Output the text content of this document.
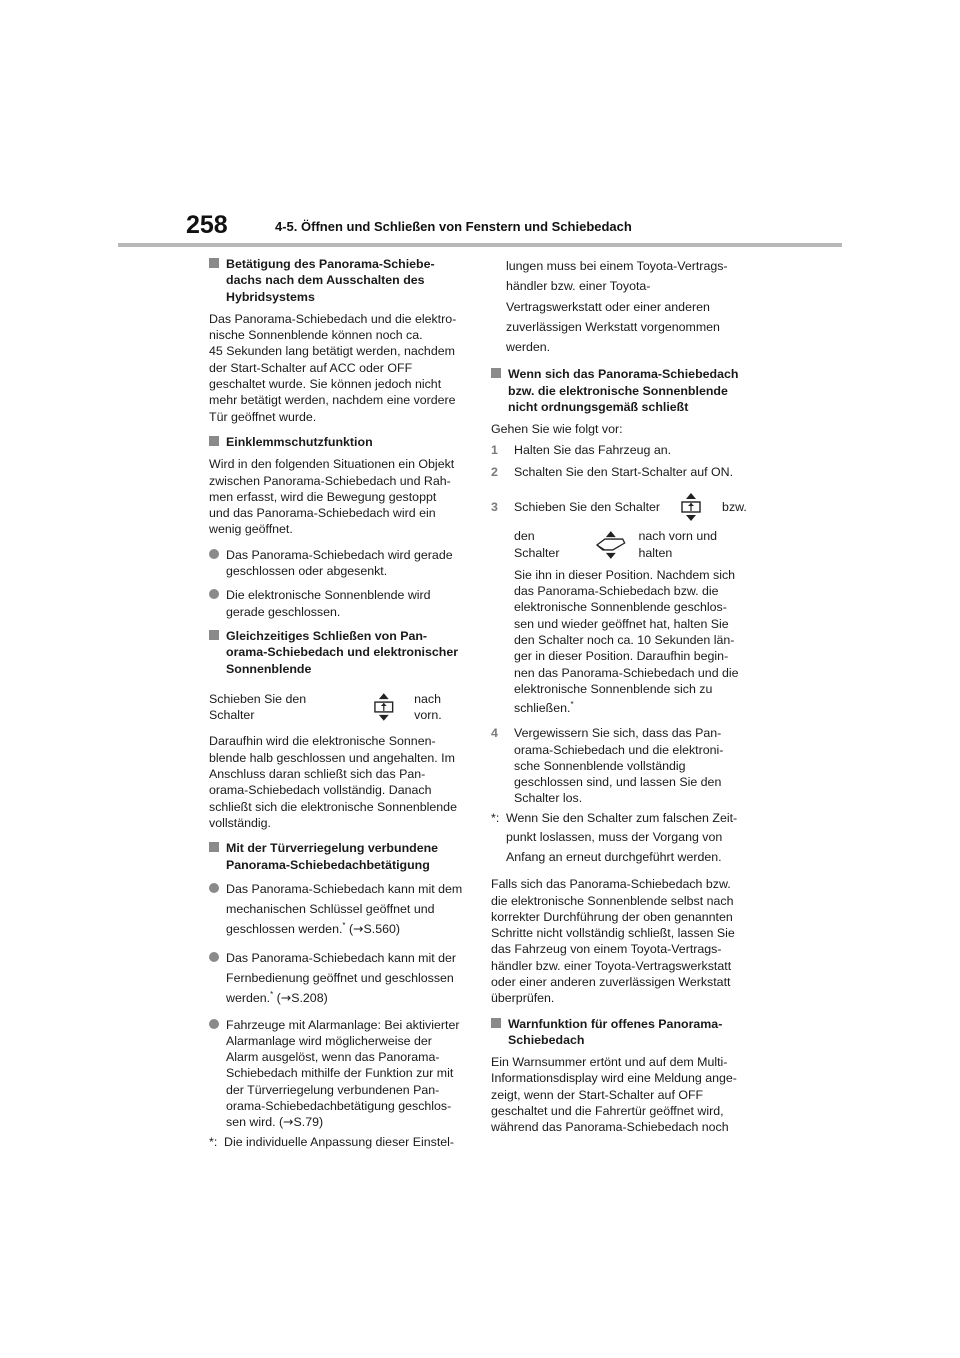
258	4-5. Öffnen und Schließen von Fenstern und Schiebedach
Betätigung des Panorama-Schiebe-
dachs nach dem Ausschalten des
Hybridsystems
Das Panorama-Schiebedach und die elektro-
nische Sonnenblende können noch ca.
45 Sekunden lang betätigt werden, nachdem
der Start-Schalter auf ACC oder OFF
geschaltet wurde. Sie können jedoch nicht
mehr betätigt werden, nachdem eine vordere
Tür geöffnet wurde.
Einklemmschutzfunktion
Wird in den folgenden Situationen ein Objekt
zwischen Panorama-Schiebedach und Rah-
men erfasst, wird die Bewegung gestoppt
und das Panorama-Schiebedach wird ein
wenig geöffnet.
Das Panorama-Schiebedach wird gerade
geschlossen oder abgesenkt.
Die elektronische Sonnenblende wird
gerade geschlossen.
Gleichzeitiges Schließen von Pan-
orama-Schiebedach und elektronischer
Sonnenblende
Schieben Sie den Schalter
nach vorn.
Daraufhin wird die elektronische Sonnen-
blende halb geschlossen und angehalten. Im
Anschluss daran schließt sich das Pan-
orama-Schiebedach vollständig. Danach
schließt sich die elektronische Sonnenblende
vollständig.
Mit der Türverriegelung verbundene
Panorama-Schiebedachbetätigung
Das Panorama-Schiebedach kann mit dem
mechanischen Schlüssel geöffnet und
geschlossen werden.* (→S.560)
Das Panorama-Schiebedach kann mit der
Fernbedienung geöffnet und geschlossen
werden.* (→S.208)
Fahrzeuge mit Alarmanlage: Bei aktivierter
Alarmanlage wird möglicherweise der
Alarm ausgelöst, wenn das Panorama-
Schiebedach mithilfe der Funktion zur mit
der Türverriegelung verbundenen Pan-
orama-Schiebedachbetätigung geschlos-
sen wird. (→S.79)
*: Die individuelle Anpassung dieser Einstel-
lungen muss bei einem Toyota-Vertrags-
händler bzw. einer Toyota-
Vertragswerkstatt oder einer anderen
zuverlässigen Werkstatt vorgenommen
werden.
Wenn sich das Panorama-Schiebedach
bzw. die elektronische Sonnenblende
nicht ordnungsgemäß schließt
Gehen Sie wie folgt vor:
1 Halten Sie das Fahrzeug an.
2 Schalten Sie den Start-Schalter auf ON.
3 Schieben Sie den Schalter	bzw.
den Schalter
nach vorn und halten
Sie ihn in dieser Position. Nachdem sich
das Panorama-Schiebedach bzw. die
elektronische Sonnenblende geschlos-
sen und wieder geöffnet hat, halten Sie
den Schalter noch ca. 10 Sekunden län-
ger in dieser Position. Daraufhin begin-
nen das Panorama-Schiebedach und die
elektronische Sonnenblende sich zu
schließen.*
4 Vergewissern Sie sich, dass das Pan-
orama-Schiebedach und die elektroni-
sche Sonnenblende vollständig
geschlossen sind, und lassen Sie den
Schalter los.
*: Wenn Sie den Schalter zum falschen Zeit-
punkt loslassen, muss der Vorgang von
Anfang an erneut durchgeführt werden.
Falls sich das Panorama-Schiebedach bzw.
die elektronische Sonnenblende selbst nach
korrekter Durchführung der oben genannten
Schritte nicht vollständig schließt, lassen Sie
das Fahrzeug von einem Toyota-Vertrags-
händler bzw. einer Toyota-Vertragswerkstatt
oder einer anderen zuverlässigen Werkstatt
überprüfen.
Warnfunktion für offenes Panorama-
Schiebedach
Ein Warnsummer ertönt und auf dem Multi-
Informationsdisplay wird eine Meldung ange-
zeigt, wenn der Start-Schalter auf OFF
geschaltet und die Fahrertür geöffnet wird,
während das Panorama-Schiebedach noch
